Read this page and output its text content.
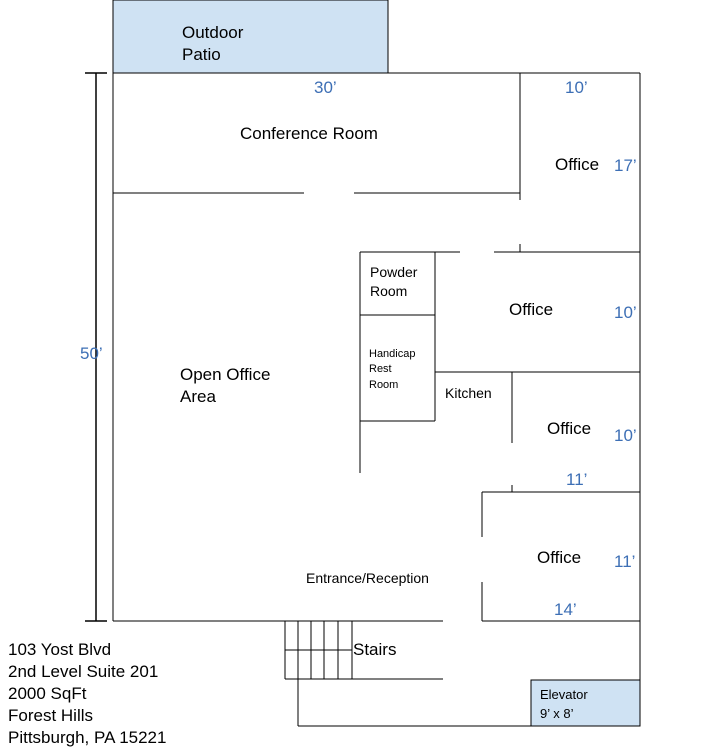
Outdoor Patio
Conference Room
Office
Powder Room
Office
Handicap Rest Room
Open Office Area	Kitchen
Office
Entrance/Reception
Office
Stairs
Elevator 9’ x 8’
50’
30’	10’
17’
10’
10’
11’
11’
14’
103 Yost Blvd 2nd Level Suite 201 2000 SqFt Forest Hills Pittsburgh, PA 15221
